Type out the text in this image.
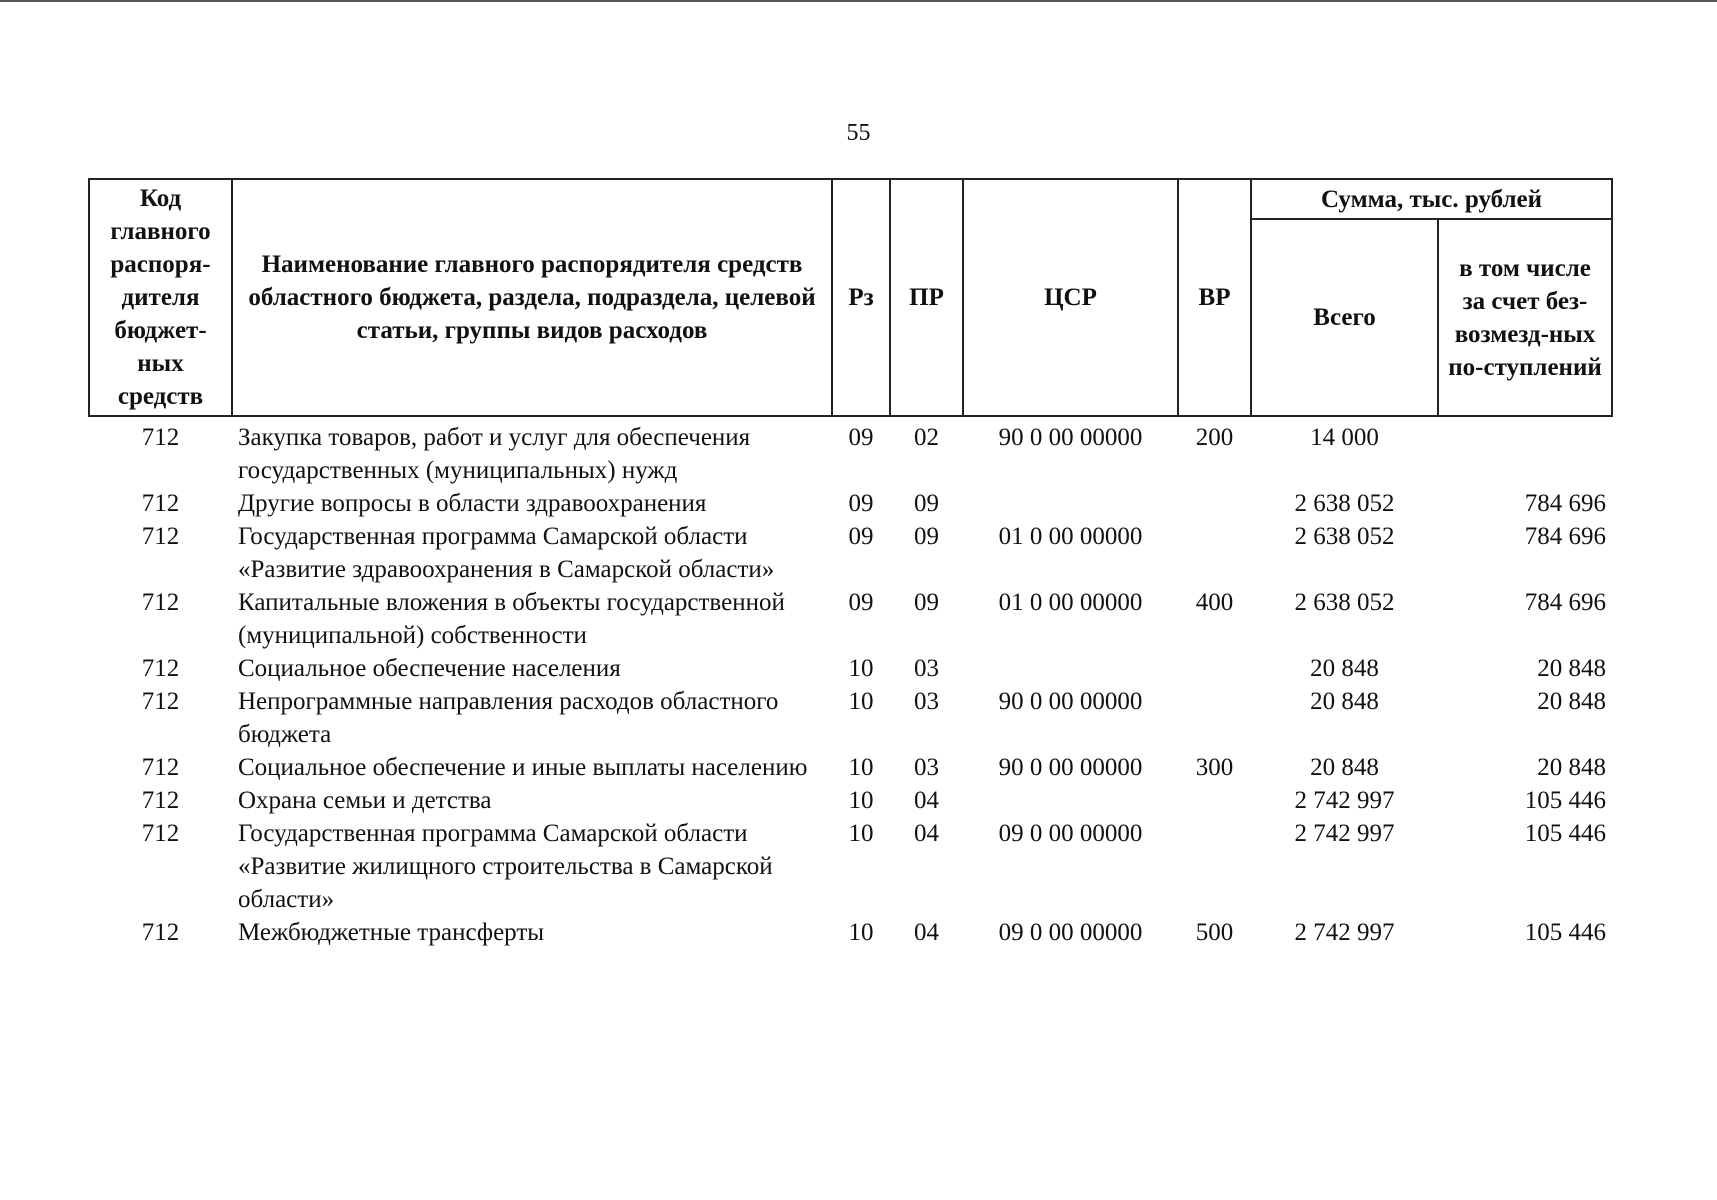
55
Код главного распоря-дителя бюджет-ных средств	Наименование главного распорядителя средств областного бюджета, раздела, подраздела, целевой статьи, группы видов расходов	Рз	ПР	ЦСР	ВР	Сумма, тыс. рублей	
						Всего	в том числе за счет без-возмезд-ных по-ступлений
712	Закупка товаров, работ и услуг для обеспечения государственных (муниципальных) нужд	09	02	90 0 00 00000	200	14 000	
712	Другие вопросы в области здравоохранения	09	09			2 638 052	784 696
712	Государственная программа Самарской области «Развитие здравоохранения в Самарской области»	09	09	01 0 00 00000		2 638 052	784 696
712	Капитальные вложения в объекты государственной (муниципальной) собственности	09	09	01 0 00 00000	400	2 638 052	784 696
712	Социальное обеспечение населения	10	03			20 848	20 848
712	Непрограммные направления расходов областного бюджета	10	03	90 0 00 00000		20 848	20 848
712	Социальное обеспечение и иные выплаты населению	10	03	90 0 00 00000	300	20 848	20 848
712	Охрана семьи и детства	10	04			2 742 997	105 446
712	Государственная программа Самарской области «Развитие жилищного строительства в Самарской области»	10	04	09 0 00 00000		2 742 997	105 446
712	Межбюджетные трансферты	10	04	09 0 00 00000	500	2 742 997	105 446
